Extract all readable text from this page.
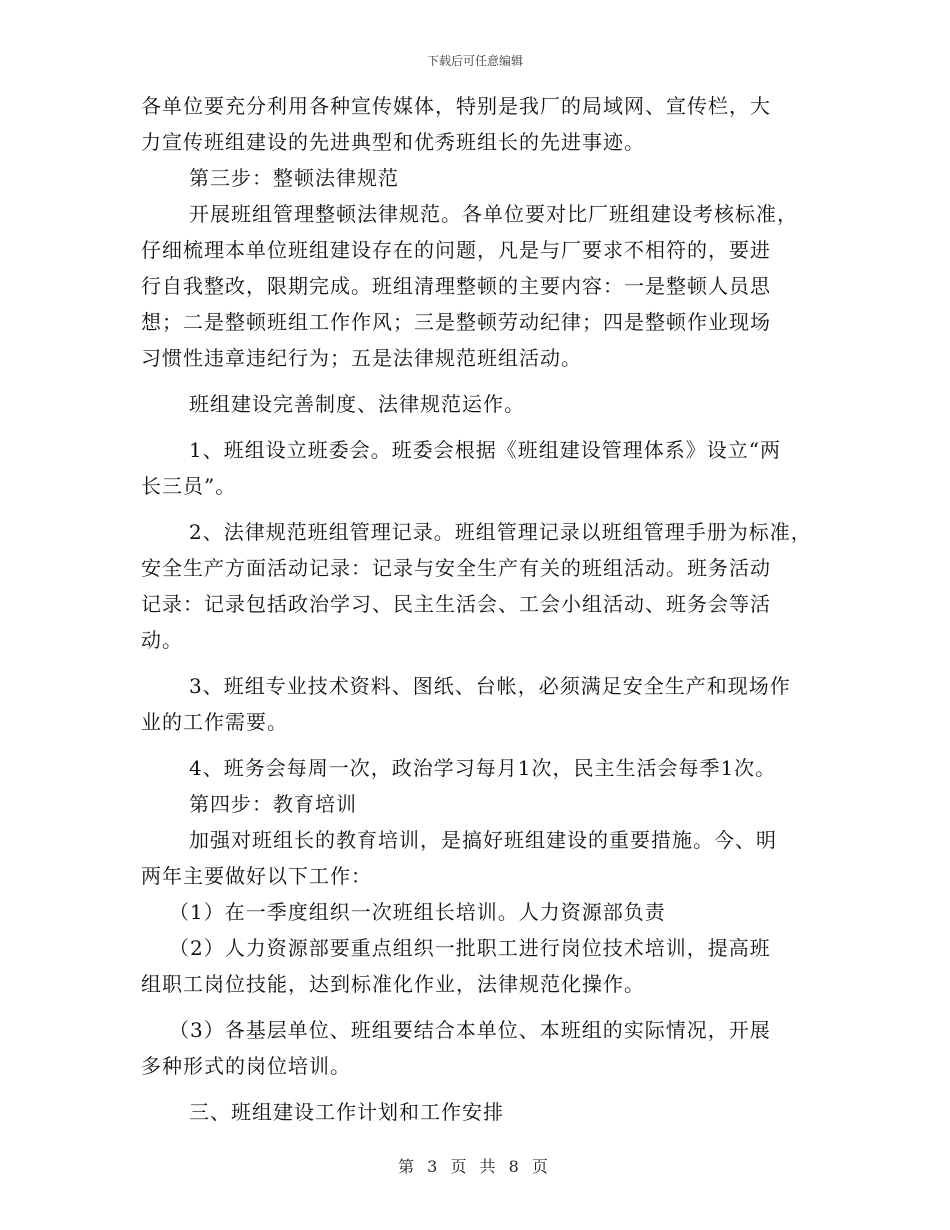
下载后可任意编辑
各单位要充分利用各种宣传媒体，特别是我厂的局域网、宣传栏，大
力宣传班组建设的先进典型和优秀班组长的先进事迹。
第三步：整顿法律规范
开展班组管理整顿法律规范。各单位要对比厂班组建设考核标准，
仔细梳理本单位班组建设存在的问题，凡是与厂要求不相符的，要进
行自我整改，限期完成。班组清理整顿的主要内容：一是整顿人员思
想；二是整顿班组工作作风；三是整顿劳动纪律；四是整顿作业现场
习惯性违章违纪行为；五是法律规范班组活动。
班组建设完善制度、法律规范运作。
1、班组设立班委会。班委会根据《班组建设管理体系》设立“两
长三员”。
2、法律规范班组管理记录。班组管理记录以班组管理手册为标准，
安全生产方面活动记录：记录与安全生产有关的班组活动。班务活动
记录：记录包括政治学习、民主生活会、工会小组活动、班务会等活
动。
3、班组专业技术资料、图纸、台帐，必须满足安全生产和现场作
业的工作需要。
4、班务会每周一次，政治学习每月1次，民主生活会每季1次。
第四步：教育培训
加强对班组长的教育培训，是搞好班组建设的重要措施。今、明
两年主要做好以下工作：
（1）在一季度组织一次班组长培训。人力资源部负责
（2）人力资源部要重点组织一批职工进行岗位技术培训，提高班
组职工岗位技能，达到标准化作业，法律规范化操作。
（3）各基层单位、班组要结合本单位、本班组的实际情况，开展
多种形式的岗位培训。
三、班组建设工作计划和工作安排
第 3 页 共 8 页
